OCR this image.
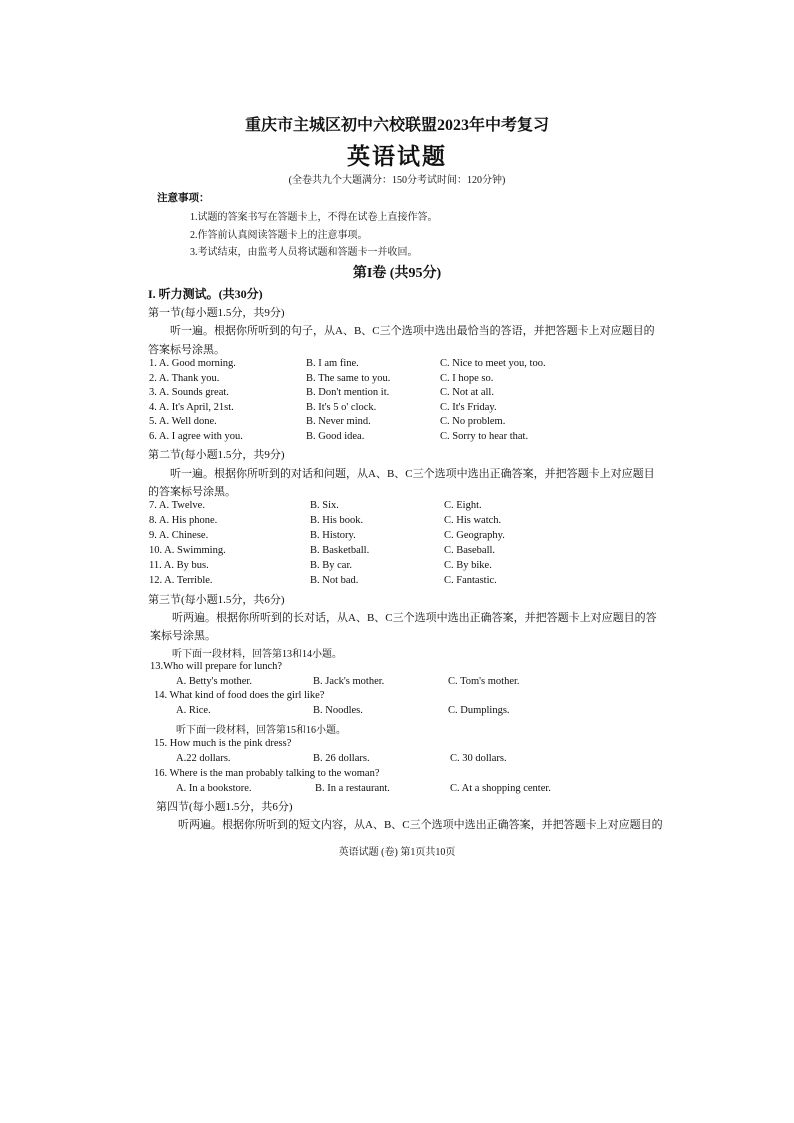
重庆市主城区初中六校联盟2023年中考复习
英语试题
(全卷共九个大题满分：150分考试时间：120分钟)
注意事项：
1.试题的答案书写在答题卡上，不得在试卷上直接作答。
2.作答前认真阅读答题卡上的注意事项。
3.考试结束，由监考人员将试题和答题卡一并收回。
第I卷 (共95分)
I. 听力测试。(共30分)
第一节(每小题1.5分，共9分)
听一遍。根据你所听到的句子，从A、B、C三个选项中选出最恰当的答语，并把答题卡上对应题目的
答案标号涂黑。
1. A. Good morning.	B. I am fine.	C. Nice to meet you, too.
2. A. Thank you.	B. The same to you.	C. I hope so.
3. A. Sounds great.	B. Don't mention it.	C. Not at all.
4. A. It's April, 21st.	B. It's 5 o' clock.	C. It's Friday.
5. A. Well done.	B. Never mind.	C. No problem.
6. A. I agree with you.	B. Good idea.	C. Sorry to hear that.
第二节(每小题1.5分，共9分)
听一遍。根据你所听到的对话和问题，从A、B、C三个选项中选出正确答案，并把答题卡上对应题目
的答案标号涂黑。
7. A. Twelve.	B. Six.	C. Eight.
8. A. His phone.	B. His book.	C. His watch.
9. A. Chinese.	B. History.	C. Geography.
10. A. Swimming.	B. Basketball.	C. Baseball.
11. A. By bus.	B. By car.	C. By bike.
12. A. Terrible.	B. Not bad.	C. Fantastic.
第三节(每小题1.5分，共6分)
听两遍。根据你所听到的长对话，从A、B、C三个选项中选出正确答案，并把答题卡上对应题目的答
案标号涂黑。
听下面一段材料，回答第13和14小题。
13.Who will prepare for lunch?
A. Betty's mother.	B. Jack's mother.	C. Tom's mother.
14. What kind of food does the girl like?
A. Rice.	B. Noodles.	C. Dumplings.
听下面一段材料，回答第15和16小题。
15. How much is the pink dress?
A.22 dollars.	B. 26 dollars.	C. 30 dollars.
16. Where is the man probably talking to the woman?
A. In a bookstore.	B. In a restaurant.	C. At a shopping center.
第四节(每小题1.5分，共6分)
听两遍。根据你所听到的短文内容，从A、B、C三个选项中选出正确答案，并把答题卡上对应题目的
英语试题 (卷) 第1页共10页
